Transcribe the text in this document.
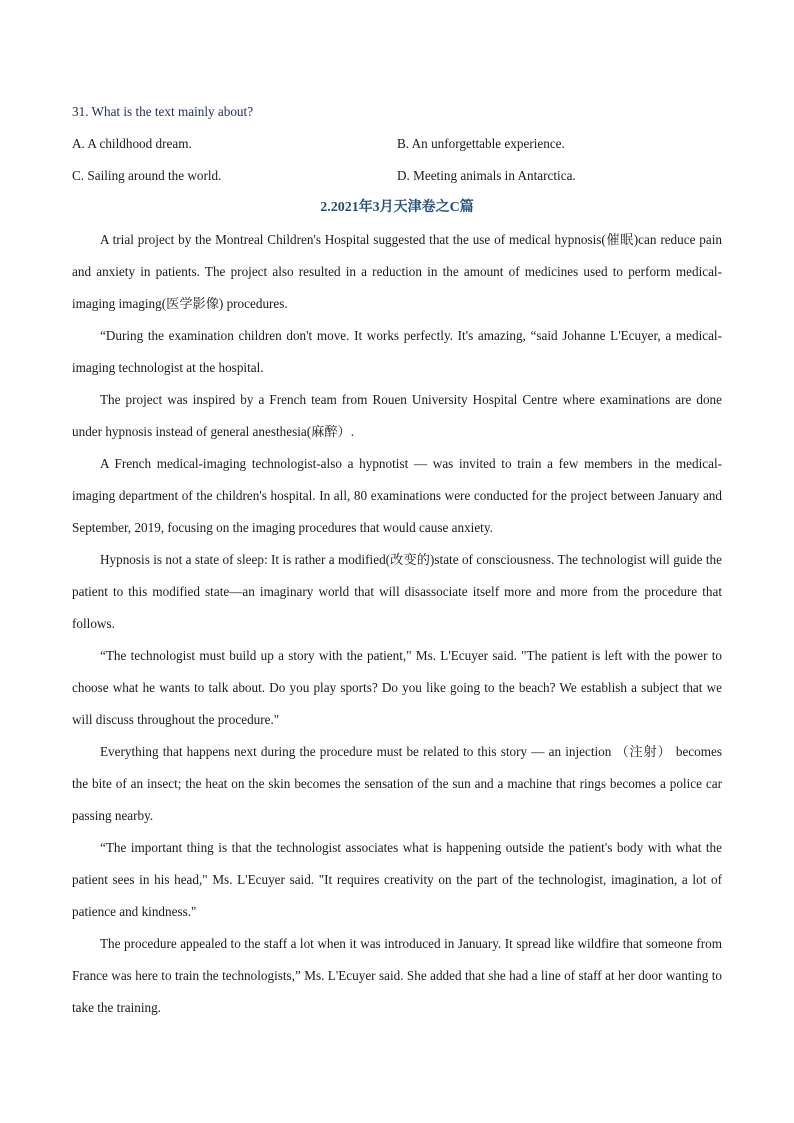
31. What is the text mainly about?
A. A childhood dream.	B. An unforgettable experience.
C. Sailing around the world.	D. Meeting animals in Antarctica.
2.2021年3月天津卷之C篇

A trial project by the Montreal Children's Hospital suggested that the use of medical hypnosis(催眠)can reduce pain and anxiety in patients. The project also resulted in a reduction in the amount of medicines used to perform medical-imaging imaging(医学影像) procedures.

“During the examination children don't move. It works perfectly. It's amazing, “said Johanne L'Ecuyer, a medical-imaging technologist at the hospital.

The project was inspired by a French team from Rouen University Hospital Centre where examinations are done under hypnosis instead of general anesthesia(麻醉）.

A French medical-imaging technologist-also a hypnotist — was invited to train a few members in the medical-imaging department of the children's hospital. In all, 80 examinations were conducted for the project between January and September, 2019, focusing on the imaging procedures that would cause anxiety.

Hypnosis is not a state of sleep: It is rather a modified(改变的)state of consciousness. The technologist will guide the patient to this modified state—an imaginary world that will disassociate itself more and more from the procedure that follows.

“The technologist must build up a story with the patient," Ms. L'Ecuyer said. "The patient is left with the power to choose what he wants to talk about. Do you play sports? Do you like going to the beach? We establish a subject that we will discuss throughout the procedure."

Everything that happens next during the procedure must be related to this story — an injection （注射） becomes the bite of an insect; the heat on the skin becomes the sensation of the sun and a machine that rings becomes a police car passing nearby.

“The important thing is that the technologist associates what is happening outside the patient's body with what the patient sees in his head," Ms. L'Ecuyer said. "It requires creativity on the part of the technologist, imagination, a lot of patience and kindness."

The procedure appealed to the staff a lot when it was introduced in January. It spread like wildfire that someone from France was here to train the technologists,” Ms. L'Ecuyer said. She added that she had a line of staff at her door wanting to take the training.
